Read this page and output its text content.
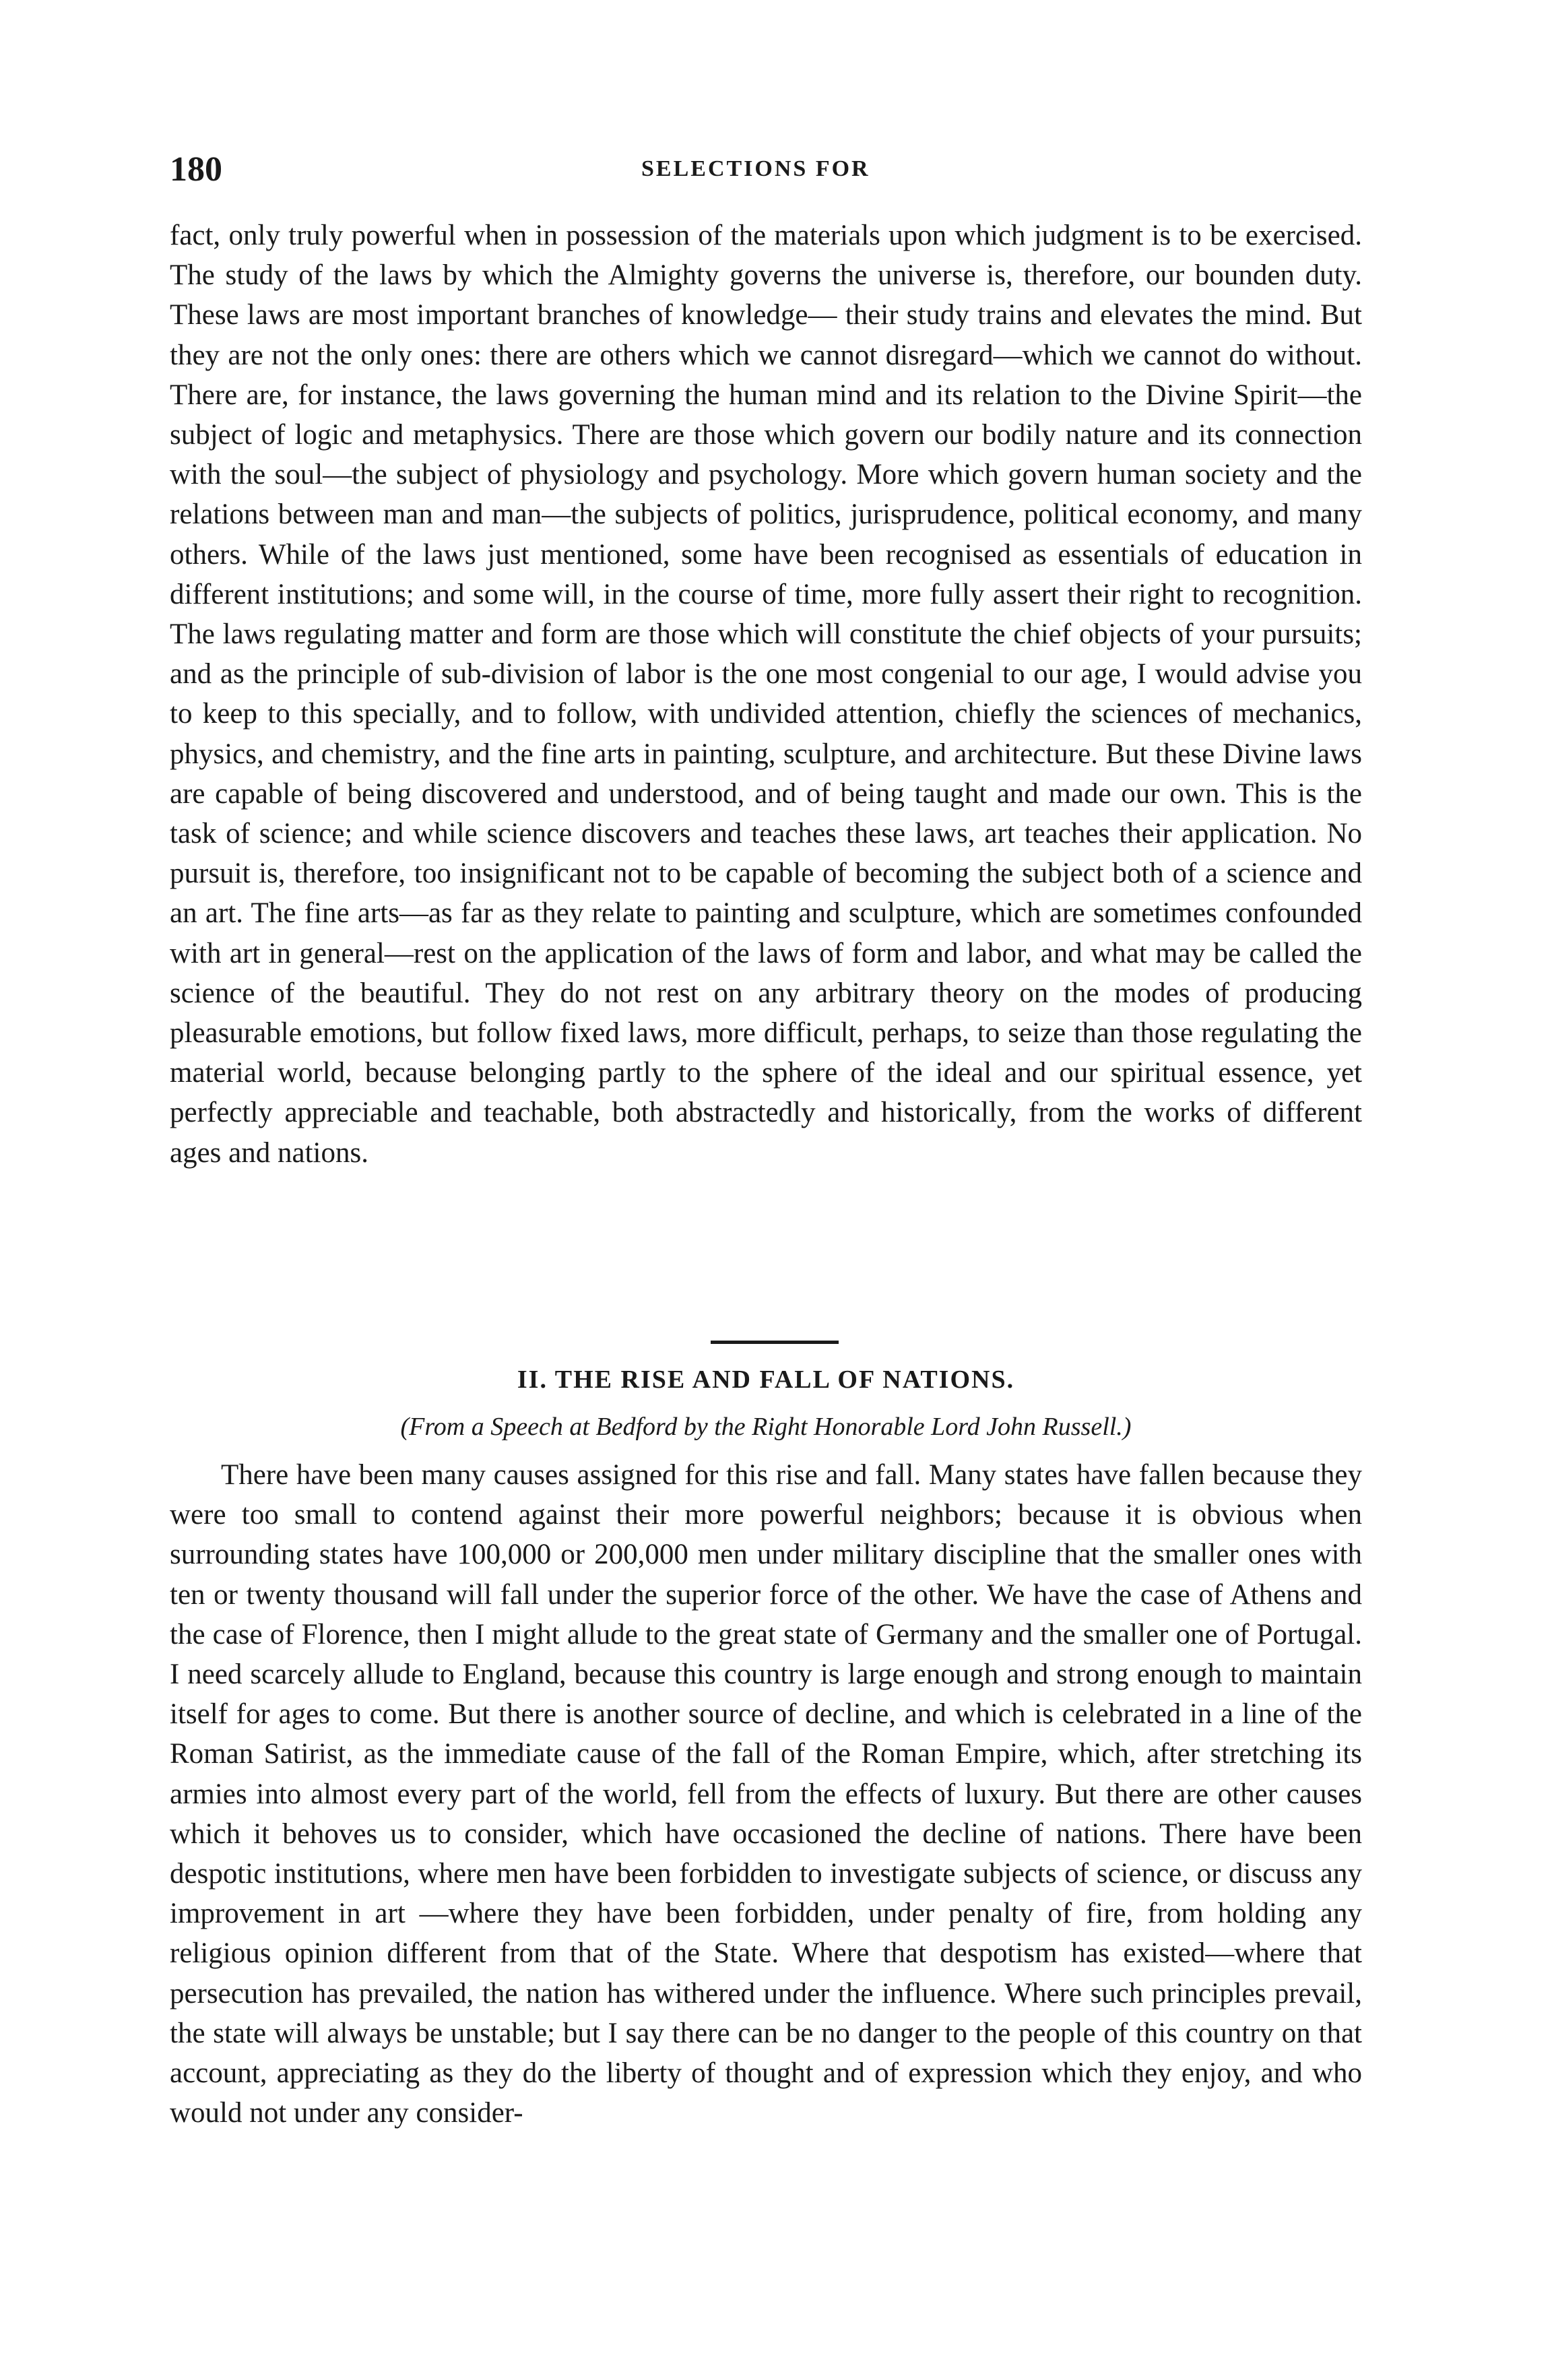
180	SELECTIONS FOR

fact, only truly powerful when in possession of the materials upon which judgment is to be exercised. The study of the laws by which the Almighty governs the universe is, therefore, our bounden duty. These laws are most important branches of knowledge— their study trains and elevates the mind. But they are not the only ones: there are others which we cannot disregard—which we cannot do without. There are, for instance, the laws governing the human mind and its relation to the Divine Spirit—the subject of logic and metaphysics. There are those which govern our bodily nature and its connection with the soul—the subject of physiology and psychology. More which govern human society and the relations between man and man—the subjects of politics, jurisprudence, political economy, and many others. While of the laws just mentioned, some have been recognised as essentials of education in different institutions; and some will, in the course of time, more fully assert their right to recognition. The laws regulating matter and form are those which will constitute the chief objects of your pursuits; and as the principle of sub-division of labor is the one most congenial to our age, I would advise you to keep to this specially, and to follow, with undivided attention, chiefly the sciences of mechanics, physics, and chemistry, and the fine arts in painting, sculpture, and architecture. But these Divine laws are capable of being discovered and understood, and of being taught and made our own. This is the task of science; and while science discovers and teaches these laws, art teaches their application. No pursuit is, therefore, too insignificant not to be capable of becoming the subject both of a science and an art. The fine arts—as far as they relate to painting and sculpture, which are sometimes confounded with art in general—rest on the application of the laws of form and labor, and what may be called the science of the beautiful. They do not rest on any arbitrary theory on the modes of producing pleasurable emotions, but follow fixed laws, more difficult, perhaps, to seize than those regulating the material world, because belonging partly to the sphere of the ideal and our spiritual essence, yet perfectly appreciable and teachable, both abstractedly and historically, from the works of different ages and nations.

II. THE RISE AND FALL OF NATIONS.
(From a Speech at Bedford by the Right Honorable Lord John Russell.)

There have been many causes assigned for this rise and fall. Many states have fallen because they were too small to contend against their more powerful neighbors; because it is obvious when surrounding states have 100,000 or 200,000 men under military discipline that the smaller ones with ten or twenty thousand will fall under the superior force of the other. We have the case of Athens and the case of Florence, then I might allude to the great state of Germany and the smaller one of Portugal. I need scarcely allude to England, because this country is large enough and strong enough to maintain itself for ages to come. But there is another source of decline, and which is celebrated in a line of the Roman Satirist, as the immediate cause of the fall of the Roman Empire, which, after stretching its armies into almost every part of the world, fell from the effects of luxury. But there are other causes which it behoves us to consider, which have occasioned the decline of nations. There have been despotic institutions, where men have been forbidden to investigate subjects of science, or discuss any improvement in art —where they have been forbidden, under penalty of fire, from holding any religious opinion different from that of the State. Where that despotism has existed—where that persecution has prevailed, the nation has withered under the influence. Where such principles prevail, the state will always be unstable; but I say there can be no danger to the people of this country on that account, appreciating as they do the liberty of thought and of expression which they enjoy, and who would not under any consider-
